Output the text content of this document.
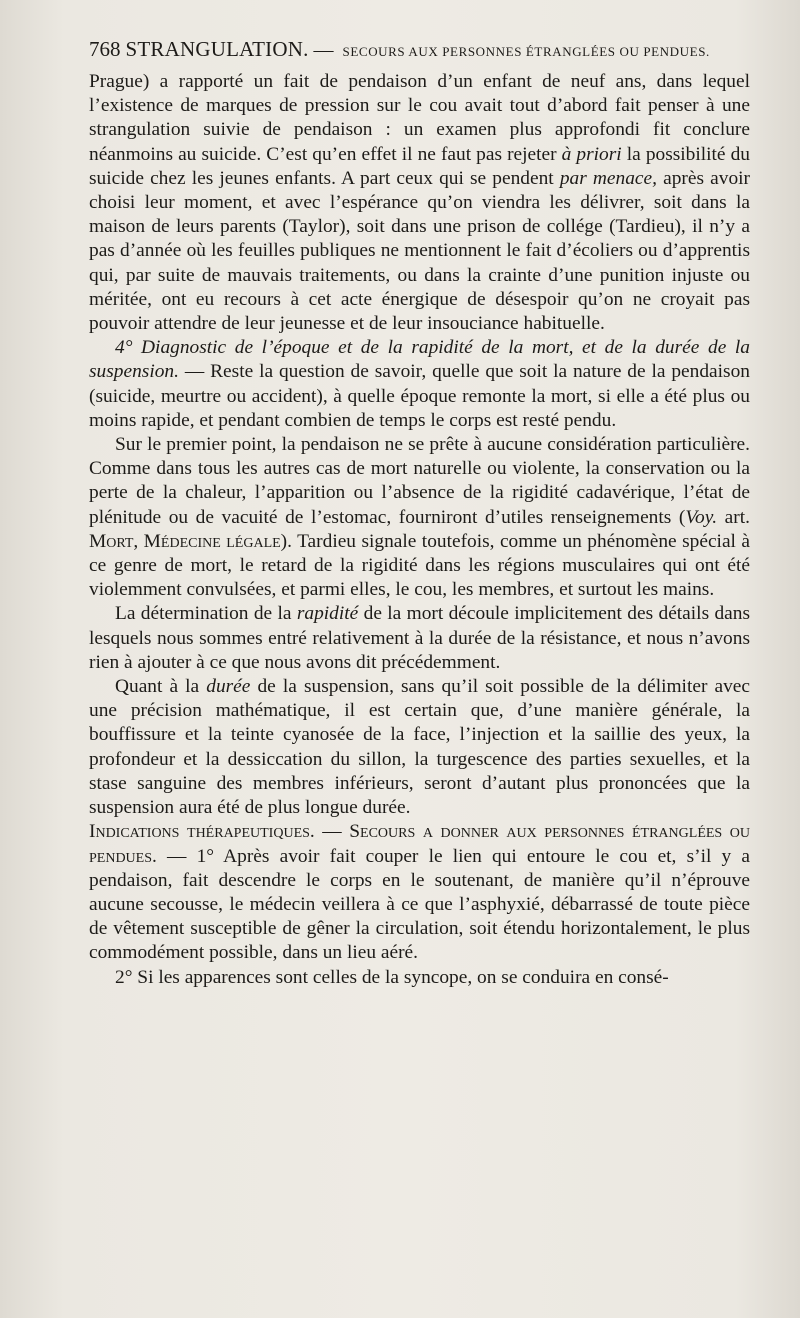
768 STRANGULATION. — SECOURS AUX PERSONNES ÉTRANGLÉES OU PENDUES.

Prague) a rapporté un fait de pendaison d’un enfant de neuf ans, dans lequel l’existence de marques de pression sur le cou avait tout d’abord fait penser à une strangulation suivie de pendaison : un examen plus approfondi fit conclure néanmoins au suicide. C’est qu’en effet il ne faut pas rejeter à priori la possibilité du suicide chez les jeunes enfants. A part ceux qui se pendent par menace, après avoir choisi leur moment, et avec l’espérance qu’on viendra les délivrer, soit dans la maison de leurs parents (Taylor), soit dans une prison de collége (Tardieu), il n’y a pas d’année où les feuilles publiques ne mentionnent le fait d’écoliers ou d’apprentis qui, par suite de mauvais traitements, ou dans la crainte d’une punition injuste ou méritée, ont eu recours à cet acte énergique de désespoir qu’on ne croyait pas pouvoir attendre de leur jeunesse et de leur insouciance habituelle.

4° Diagnostic de l’époque et de la rapidité de la mort, et de la durée de la suspension. — Reste la question de savoir, quelle que soit la nature de la pendaison (suicide, meurtre ou accident), à quelle époque remonte la mort, si elle a été plus ou moins rapide, et pendant combien de temps le corps est resté pendu.

Sur le premier point, la pendaison ne se prête à aucune considération particulière. Comme dans tous les autres cas de mort naturelle ou violente, la conservation ou la perte de la chaleur, l’apparition ou l’absence de la rigidité cadavérique, l’état de plénitude ou de vacuité de l’estomac, fourniront d’utiles renseignements (Voy. art. Mort, Médecine légale). Tardieu signale toutefois, comme un phénomène spécial à ce genre de mort, le retard de la rigidité dans les régions musculaires qui ont été violemment convulsées, et parmi elles, le cou, les membres, et surtout les mains.

La détermination de la rapidité de la mort découle implicitement des détails dans lesquels nous sommes entré relativement à la durée de la résistance, et nous n’avons rien à ajouter à ce que nous avons dit précédemment.

Quant à la durée de la suspension, sans qu’il soit possible de la délimiter avec une précision mathématique, il est certain que, d’une manière générale, la bouffissure et la teinte cyanosée de la face, l’injection et la saillie des yeux, la profondeur et la dessiccation du sillon, la turgescence des parties sexuelles, et la stase sanguine des membres inférieurs, seront d’autant plus prononcées que la suspension aura été de plus longue durée.

Indications thérapeutiques. — Secours a donner aux personnes étranglées ou pendues. — 1° Après avoir fait couper le lien qui entoure le cou et, s’il y a pendaison, fait descendre le corps en le soutenant, de manière qu’il n’éprouve aucune secousse, le médecin veillera à ce que l’asphyxié, débarrassé de toute pièce de vêtement susceptible de gêner la circulation, soit étendu horizontalement, le plus commodément possible, dans un lieu aéré.

2° Si les apparences sont celles de la syncope, on se conduira en consé-
